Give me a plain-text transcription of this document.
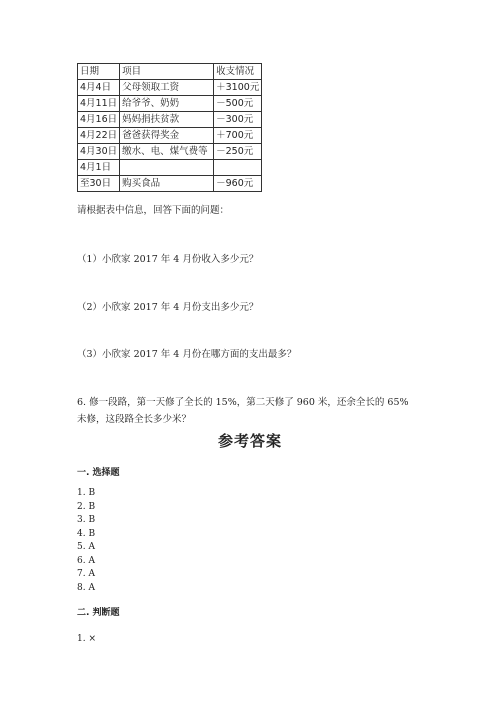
日期	项目	收支情况
4月4日	父母领取工资	＋3100元
4月11日	给爷爷、奶奶	－500元
4月16日	妈妈捐扶贫款	－300元
4月22日	爸爸获得奖金	＋700元
4月30日	缴水、电、煤气费等	－250元
4月1日		
至30日	购买食品	－960元
请根据表中信息，回答下面的问题：
（1）小欣家 2017 年 4 月份收入多少元？
（2）小欣家 2017 年 4 月份支出多少元？
（3）小欣家 2017 年 4 月份在哪方面的支出最多？
6. 修一段路，第一天修了全长的 15%，第二天修了 960 米，还余全长的 65%未修，这段路全长多少米？
参考答案
一. 选择题
1. B
2. B
3. B
4. B
5. A
6. A
7. A
8. A
二. 判断题
1. ×
